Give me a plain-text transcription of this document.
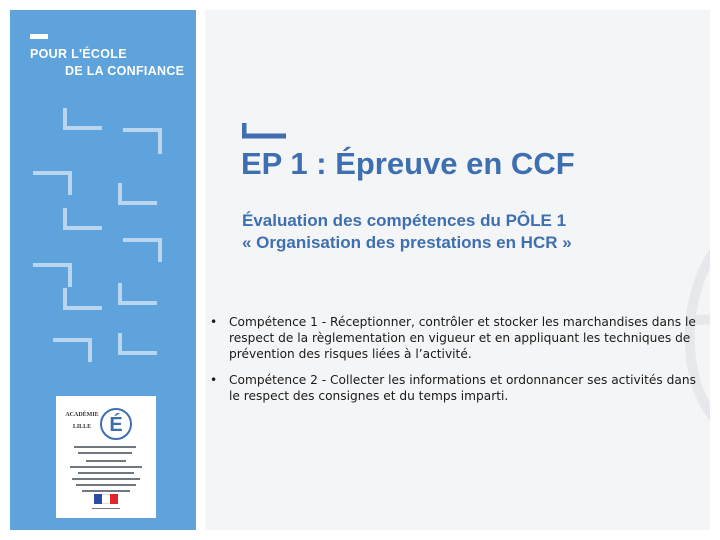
POUR L'ÉCOLE
DE LA CONFIANCE
É
ACADÉMIE
LILLE
EP 1 : Épreuve en CCF
Évaluation des compétences du PÔLE 1
« Organisation des prestations en HCR »
• Compétence 1 - Réceptionner, contrôler et stocker les marchandises dans le respect de la règlementation en vigueur et en appliquant les techniques de prévention des risques liées à l’activité.
• Compétence 2 - Collecter les informations et ordonnancer ses activités dans le respect des consignes et du temps imparti.
